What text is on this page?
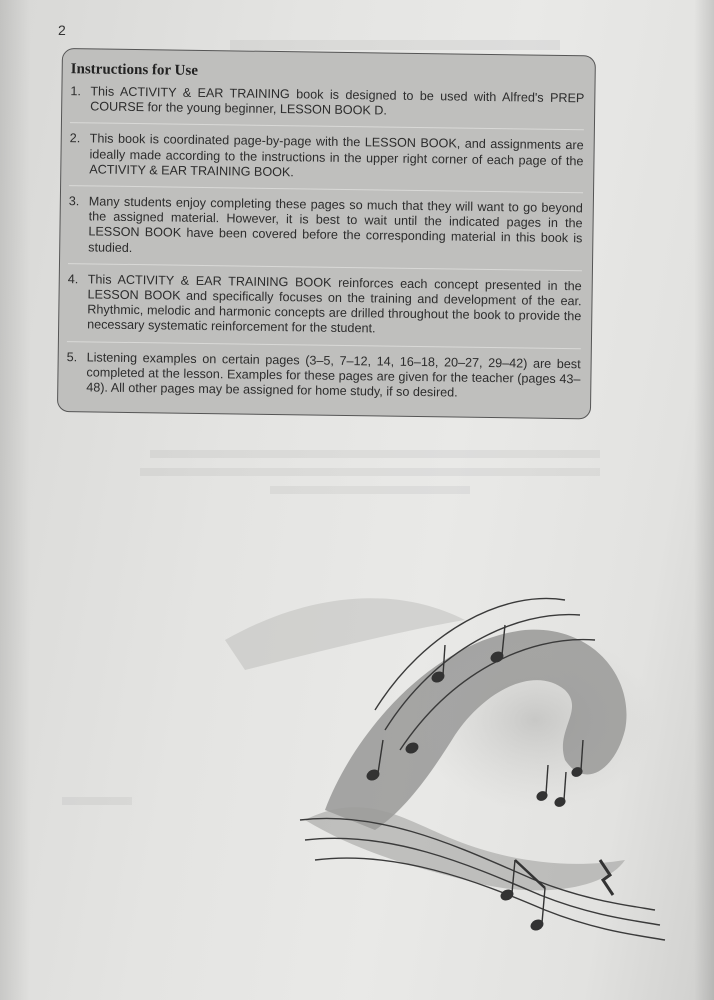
2
Instructions for Use
1. This ACTIVITY & EAR TRAINING book is designed to be used with Alfred's PREP COURSE for the young beginner, LESSON BOOK D.
2. This book is coordinated page-by-page with the LESSON BOOK, and assignments are ideally made according to the instructions in the upper right corner of each page of the ACTIVITY & EAR TRAINING BOOK.
3. Many students enjoy completing these pages so much that they will want to go beyond the assigned material. However, it is best to wait until the indicated pages in the LESSON BOOK have been covered before the corresponding material in this book is studied.
4. This ACTIVITY & EAR TRAINING BOOK reinforces each concept presented in the LESSON BOOK and specifically focuses on the training and development of the ear. Rhythmic, melodic and harmonic concepts are drilled throughout the book to provide the necessary systematic reinforcement for the student.
5. Listening examples on certain pages (3–5, 7–12, 14, 16–18, 20–27, 29–42) are best completed at the lesson. Examples for these pages are given for the teacher (pages 43–48). All other pages may be assigned for home study, if so desired.
